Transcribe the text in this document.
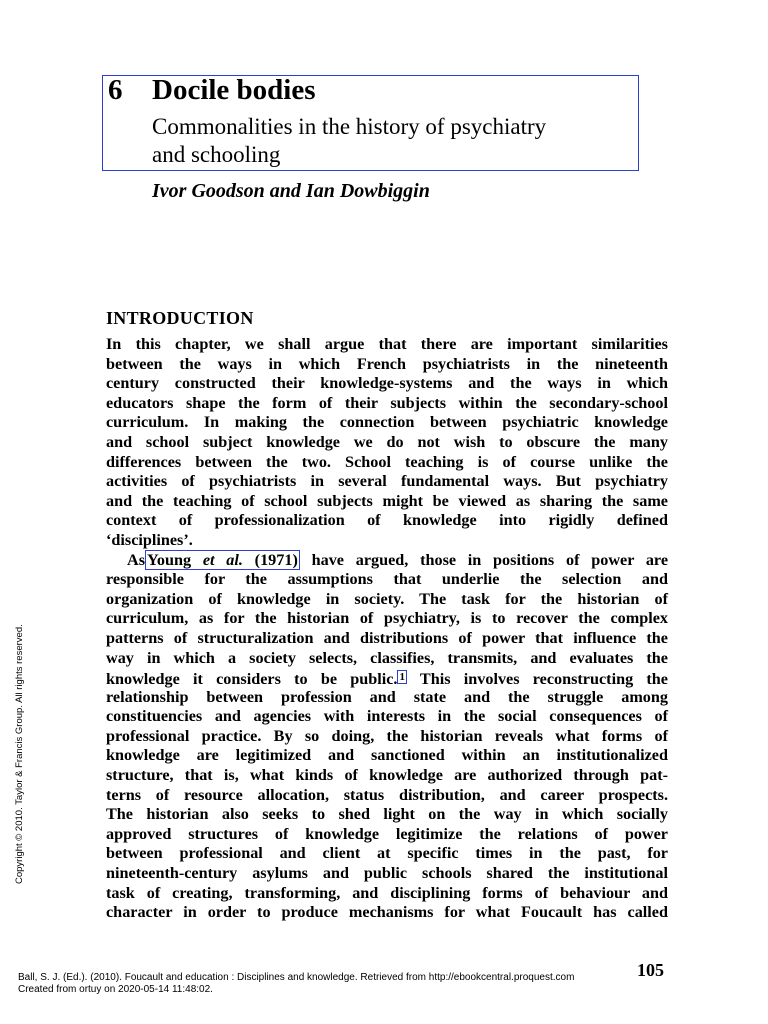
6 Docile bodies
Commonalities in the history of psychiatry
and schooling
Ivor Goodson and Ian Dowbiggin
INTRODUCTION
In this chapter, we shall argue that there are important similarities
between the ways in which French psychiatrists in the nineteenth
century constructed their knowledge-systems and the ways in which
educators shape the form of their subjects within the secondary-school
curriculum. In making the connection between psychiatric knowledge
and school subject knowledge we do not wish to obscure the many
differences between the two. School teaching is of course unlike the
activities of psychiatrists in several fundamental ways. But psychiatry
and the teaching of school subjects might be viewed as sharing the same
context of professionalization of knowledge into rigidly defined
‘disciplines’.
As Young et al. (1971) have argued, those in positions of power are
responsible for the assumptions that underlie the selection and
organization of knowledge in society. The task for the historian of
curriculum, as for the historian of psychiatry, is to recover the complex
patterns of structuralization and distributions of power that influence the
way in which a society selects, classifies, transmits, and evaluates the
knowledge it considers to be public. $^1$ This involves reconstructing the
relationship between profession and state and the struggle among
constituencies and agencies with interests in the social consequences of
professional practice. By so doing, the historian reveals what forms of
knowledge are legitimized and sanctioned within an institutionalized
structure, that is, what kinds of knowledge are authorized through pat-
terns of resource allocation, status distribution, and career prospects.
The historian also seeks to shed light on the way in which socially
approved structures of knowledge legitimize the relations of power
between professional and client at specific times in the past, for
nineteenth-century asylums and public schools shared the institutional
task of creating, transforming, and disciplining forms of behaviour and
character in order to produce mechanisms for what Foucault has called
Copyright © 2010. Taylor & Francis Group. All rights reserved.
Ball, S. J. (Ed.). (2010). Foucault and education : Disciplines and knowledge. Retrieved from http://ebookcentral.proquest.com
Created from ortuy on 2020-05-14 11:48:02.
105
